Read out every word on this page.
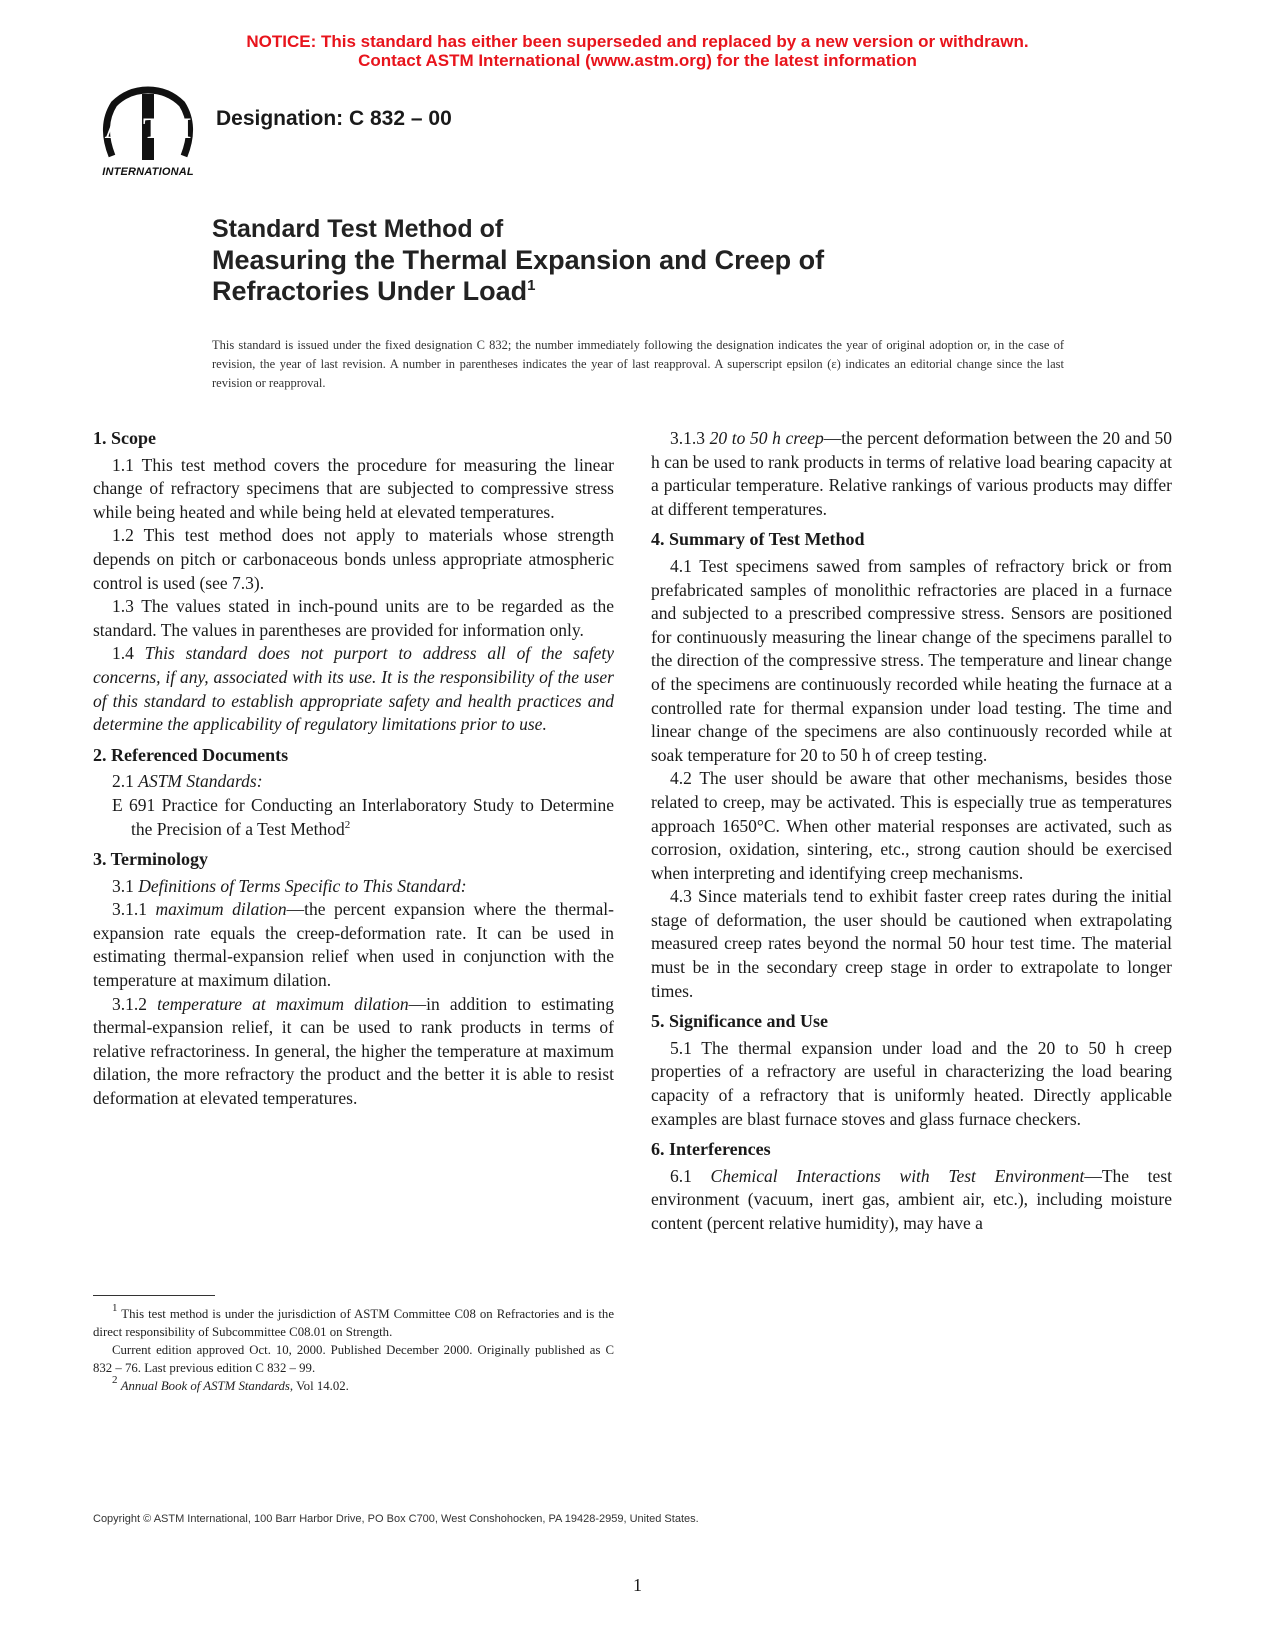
NOTICE: This standard has either been superseded and replaced by a new version or withdrawn.
Contact ASTM International (www.astm.org) for the latest information
ASTM
INTERNATIONAL
Designation: C 832 – 00
Standard Test Method of
Measuring the Thermal Expansion and Creep of
Refractories Under Load$^1$
This standard is issued under the fixed designation C 832; the number immediately following the designation indicates the year of original adoption or, in the case of revision, the year of last revision. A number in parentheses indicates the year of last reapproval. A superscript epsilon (ε) indicates an editorial change since the last revision or reapproval.
1. Scope

1.1 This test method covers the procedure for measuring the linear change of refractory specimens that are subjected to compressive stress while being heated and while being held at elevated temperatures.

1.2 This test method does not apply to materials whose strength depends on pitch or carbonaceous bonds unless appropriate atmospheric control is used (see 7.3).

1.3 The values stated in inch-pound units are to be regarded as the standard. The values in parentheses are provided for information only.

1.4 This standard does not purport to address all of the safety concerns, if any, associated with its use. It is the responsibility of the user of this standard to establish appropriate safety and health practices and determine the applicability of regulatory limitations prior to use.

2. Referenced Documents

2.1 ASTM Standards:

E 691 Practice for Conducting an Interlaboratory Study to Determine the Precision of a Test Method$^2$

3. Terminology

3.1 Definitions of Terms Specific to This Standard:

3.1.1 maximum dilation—the percent expansion where the thermal-expansion rate equals the creep-deformation rate. It can be used in estimating thermal-expansion relief when used in conjunction with the temperature at maximum dilation.

3.1.2 temperature at maximum dilation—in addition to estimating thermal-expansion relief, it can be used to rank products in terms of relative refractoriness. In general, the higher the temperature at maximum dilation, the more refractory the product and the better it is able to resist deformation at elevated temperatures.

3.1.3 20 to 50 h creep—the percent deformation between the 20 and 50 h can be used to rank products in terms of relative load bearing capacity at a particular temperature. Relative rankings of various products may differ at different temperatures.

4. Summary of Test Method

4.1 Test specimens sawed from samples of refractory brick or from prefabricated samples of monolithic refractories are placed in a furnace and subjected to a prescribed compressive stress. Sensors are positioned for continuously measuring the linear change of the specimens parallel to the direction of the compressive stress. The temperature and linear change of the specimens are continuously recorded while heating the furnace at a controlled rate for thermal expansion under load testing. The time and linear change of the specimens are also continuously recorded while at soak temperature for 20 to 50 h of creep testing.

4.2 The user should be aware that other mechanisms, besides those related to creep, may be activated. This is especially true as temperatures approach 1650°C. When other material responses are activated, such as corrosion, oxidation, sintering, etc., strong caution should be exercised when interpreting and identifying creep mechanisms.

4.3 Since materials tend to exhibit faster creep rates during the initial stage of deformation, the user should be cautioned when extrapolating measured creep rates beyond the normal 50 hour test time. The material must be in the secondary creep stage in order to extrapolate to longer times.

5. Significance and Use

5.1 The thermal expansion under load and the 20 to 50 h creep properties of a refractory are useful in characterizing the load bearing capacity of a refractory that is uniformly heated. Directly applicable examples are blast furnace stoves and glass furnace checkers.

6. Interferences

6.1 Chemical Interactions with Test Environment—The test environment (vacuum, inert gas, ambient air, etc.), including moisture content (percent relative humidity), may have a

$^1$ This test method is under the jurisdiction of ASTM Committee C08 on Refractories and is the direct responsibility of Subcommittee C08.01 on Strength.

Current edition approved Oct. 10, 2000. Published December 2000. Originally published as C 832 – 76. Last previous edition C 832 – 99.

$^2$ Annual Book of ASTM Standards, Vol 14.02.

Copyright © ASTM International, 100 Barr Harbor Drive, PO Box C700, West Conshohocken, PA 19428-2959, United States.
1
